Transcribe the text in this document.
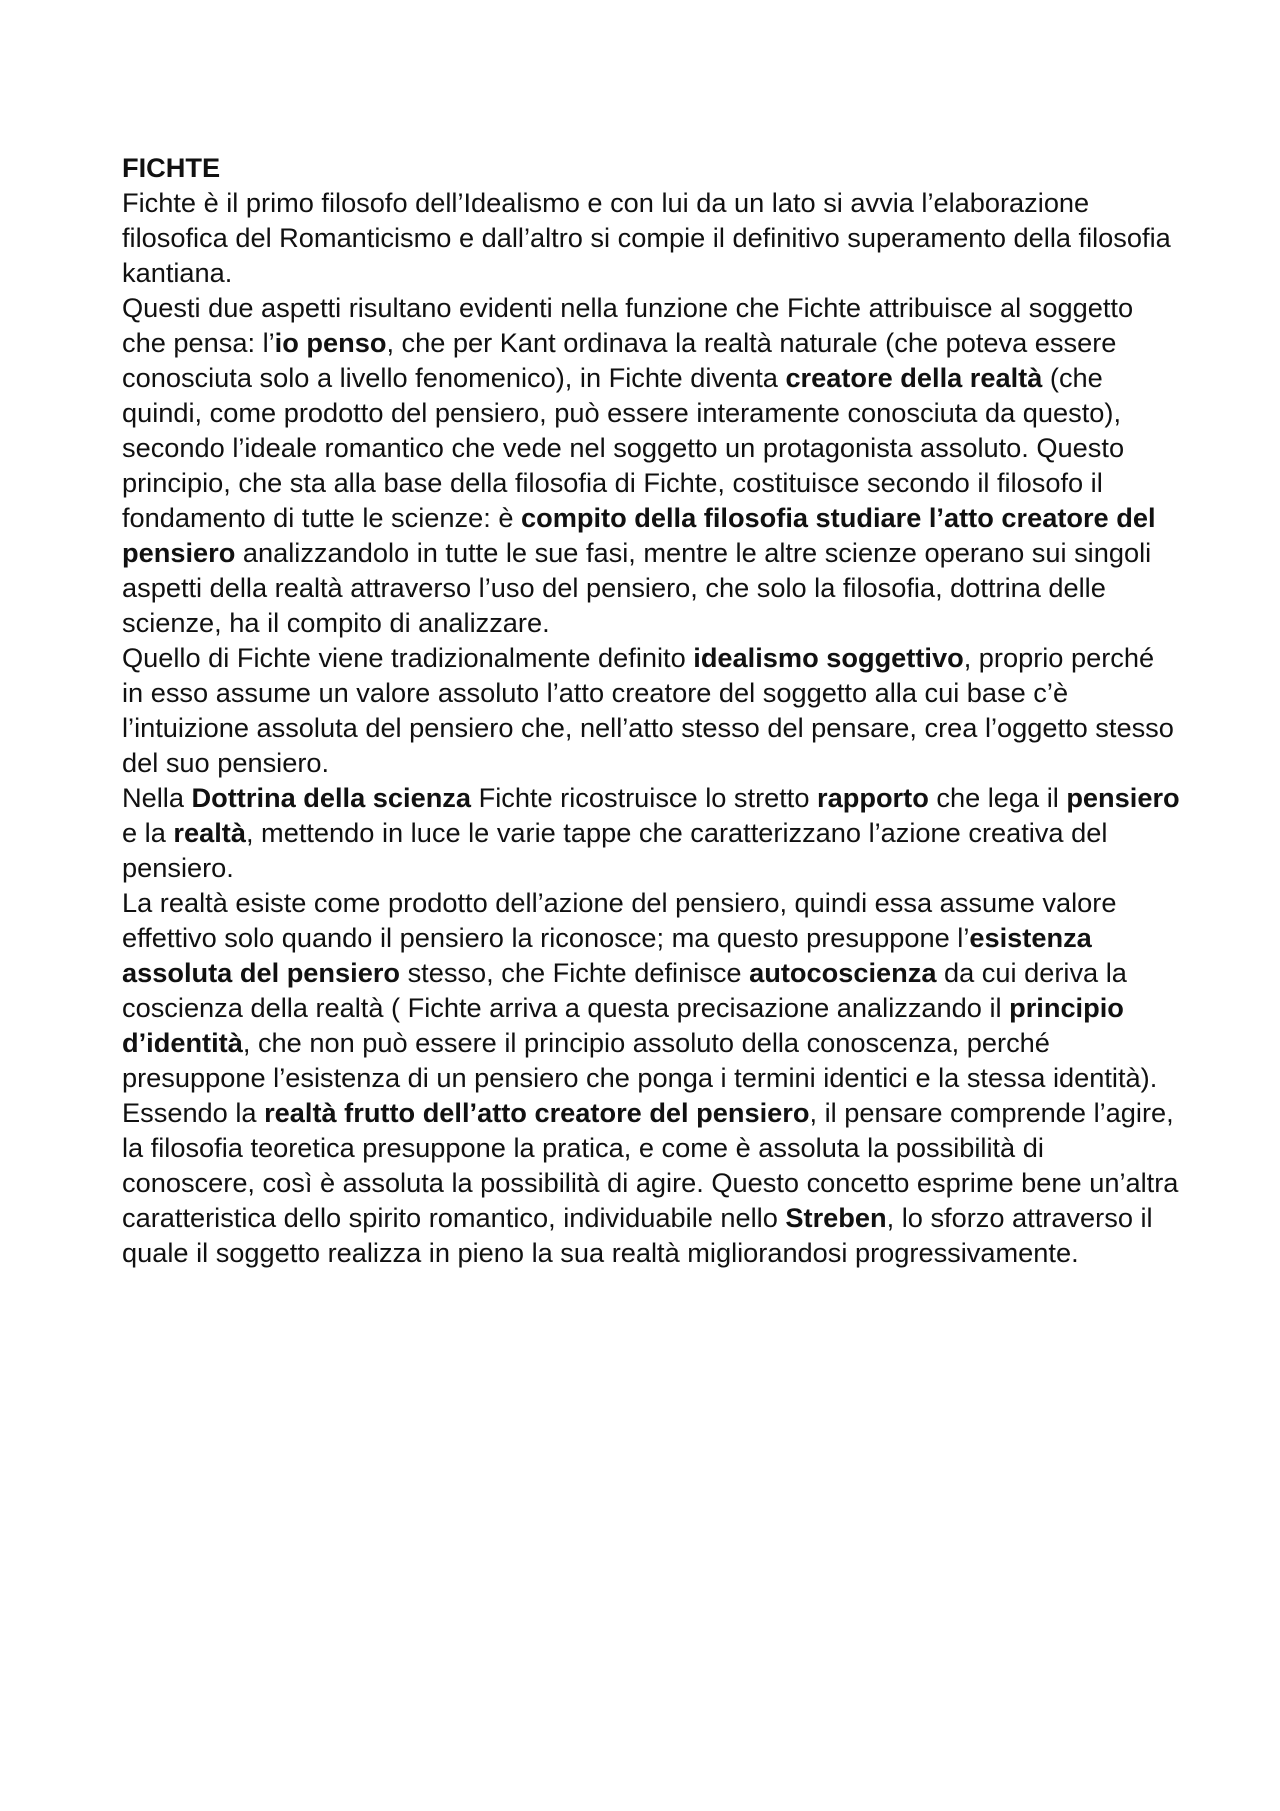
FICHTE

Fichte è il primo filosofo dell’Idealismo e con lui da un lato si avvia l’elaborazione filosofica del Romanticismo e dall’altro si compie il definitivo superamento della filosofia kantiana.

Questi due aspetti risultano evidenti nella funzione che Fichte attribuisce al soggetto che pensa: l’io penso, che per Kant ordinava la realtà naturale (che poteva essere conosciuta solo a livello fenomenico), in Fichte diventa creatore della realtà (che quindi, come prodotto del pensiero, può essere interamente conosciuta da questo), secondo l’ideale romantico che vede nel soggetto un protagonista assoluto. Questo principio, che sta alla base della filosofia di Fichte, costituisce secondo il filosofo il fondamento di tutte le scienze: è compito della filosofia studiare l’atto creatore del pensiero analizzandolo in tutte le sue fasi, mentre le altre scienze operano sui singoli aspetti della realtà attraverso l’uso del pensiero, che solo la filosofia, dottrina delle scienze, ha il compito di analizzare.

Quello di Fichte viene tradizionalmente definito idealismo soggettivo, proprio perché in esso assume un valore assoluto l’atto creatore del soggetto alla cui base c’è l’intuizione assoluta del pensiero che, nell’atto stesso del pensare, crea l’oggetto stesso del suo pensiero.

Nella Dottrina della scienza Fichte ricostruisce lo stretto rapporto che lega il pensiero e la realtà, mettendo in luce le varie tappe che caratterizzano l’azione creativa del pensiero.

La realtà esiste come prodotto dell’azione del pensiero, quindi essa assume valore effettivo solo quando il pensiero la riconosce; ma questo presuppone l’esistenza assoluta del pensiero stesso, che Fichte definisce autocoscienza da cui deriva la coscienza della realtà ( Fichte arriva a questa precisazione analizzando il principio d’identità, che non può essere il principio assoluto della conoscenza, perché presuppone l’esistenza di un pensiero che ponga i termini identici e la stessa identità).

Essendo la realtà frutto dell’atto creatore del pensiero, il pensare comprende l’agire, la filosofia teoretica presuppone la pratica, e come è assoluta la possibilità di conoscere, così è assoluta la possibilità di agire. Questo concetto esprime bene un’altra caratteristica dello spirito romantico, individuabile nello Streben, lo sforzo attraverso il quale il soggetto realizza in pieno la sua realtà migliorandosi progressivamente.
